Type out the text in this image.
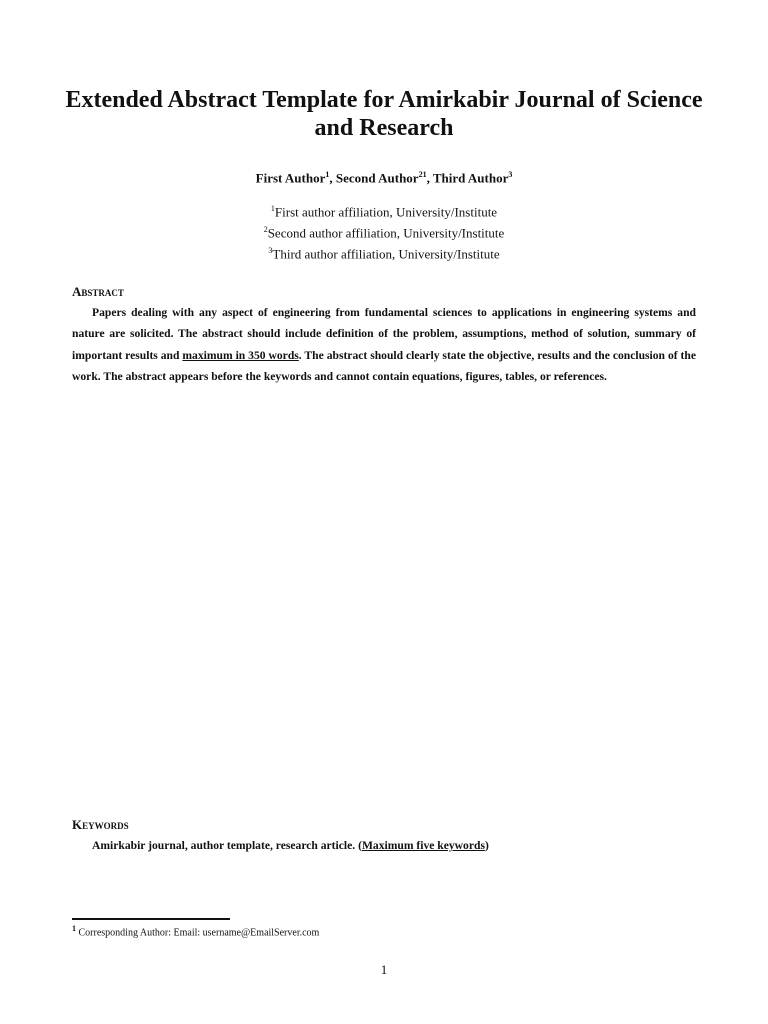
Extended Abstract Template for Amirkabir Journal of Science and Research
First Author$^1$, Second Author$^{21}$, Third Author$^3$
$^1$First author affiliation, University/Institute
$^2$Second author affiliation, University/Institute
$^3$Third author affiliation, University/Institute
Abstract
Papers dealing with any aspect of engineering from fundamental sciences to applications in engineering systems and nature are solicited. The abstract should include definition of the problem, assumptions, method of solution, summary of important results and maximum in 350 words. The abstract should clearly state the objective, results and the conclusion of the work. The abstract appears before the keywords and cannot contain equations, figures, tables, or references.
Keywords
Amirkabir journal, author template, research article. (Maximum five keywords)
$^1$ Corresponding Author: Email: username@EmailServer.com
1
